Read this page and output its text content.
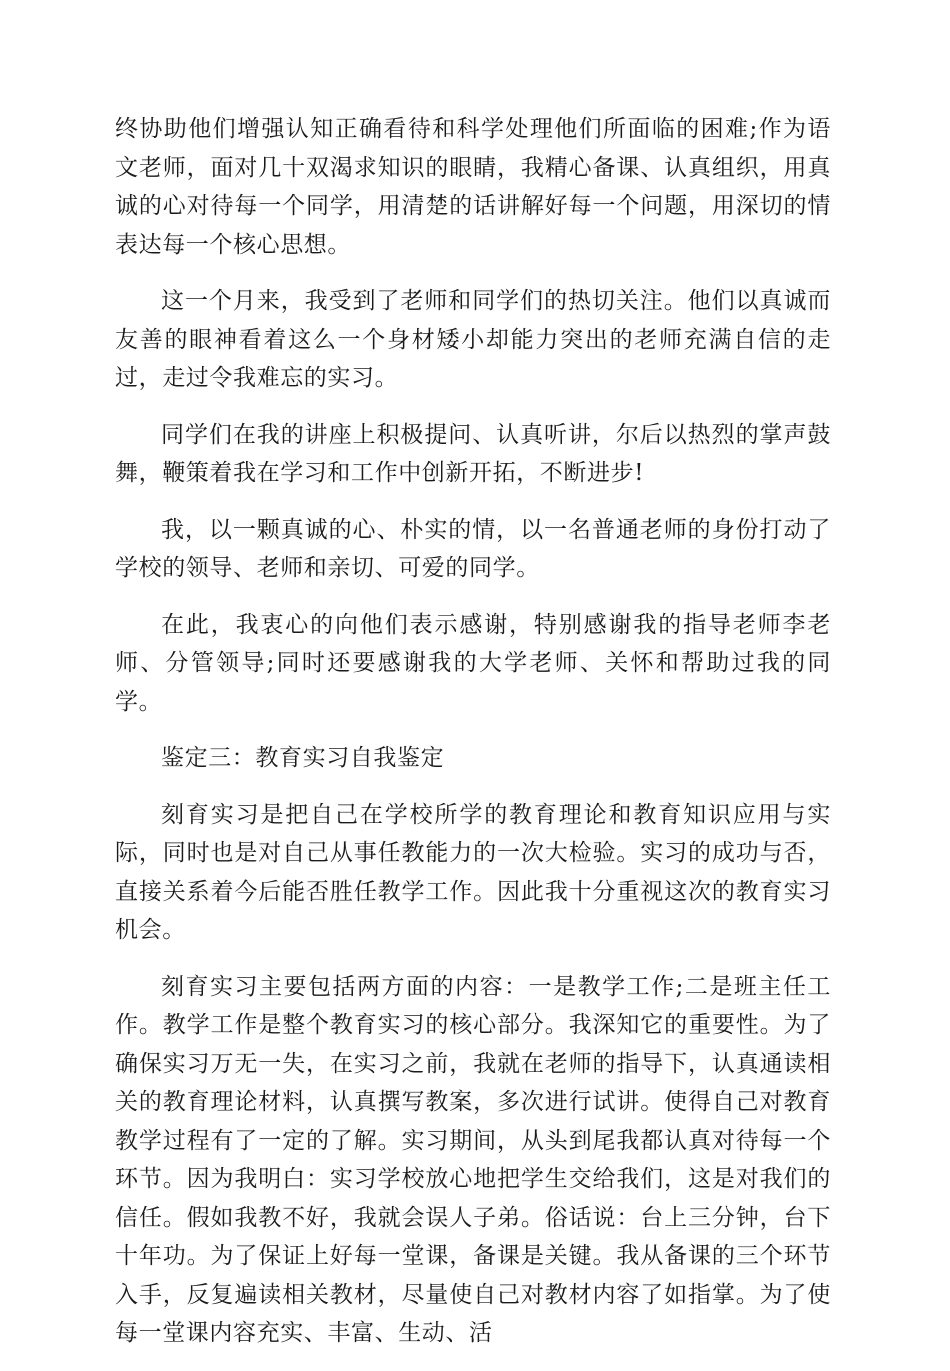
终协助他们增强认知正确看待和科学处理他们所面临的困难;作为语文老师，面对几十双渴求知识的眼睛，我精心备课、认真组织，用真诚的心对待每一个同学，用清楚的话讲解好每一个问题，用深切的情表达每一个核心思想。

这一个月来，我受到了老师和同学们的热切关注。他们以真诚而友善的眼神看着这么一个身材矮小却能力突出的老师充满自信的走过，走过令我难忘的实习。

同学们在我的讲座上积极提问、认真听讲，尔后以热烈的掌声鼓舞，鞭策着我在学习和工作中创新开拓，不断进步!

我，以一颗真诚的心、朴实的情，以一名普通老师的身份打动了学校的领导、老师和亲切、可爱的同学。

在此，我衷心的向他们表示感谢，特别感谢我的指导老师李老师、分管领导;同时还要感谢我的大学老师、关怀和帮助过我的同学。

鉴定三：教育实习自我鉴定

刻育实习是把自己在学校所学的教育理论和教育知识应用与实际，同时也是对自己从事任教能力的一次大检验。实习的成功与否，直接关系着今后能否胜任教学工作。因此我十分重视这次的教育实习机会。

刻育实习主要包括两方面的内容：一是教学工作;二是班主任工作。教学工作是整个教育实习的核心部分。我深知它的重要性。为了确保实习万无一失，在实习之前，我就在老师的指导下，认真通读相关的教育理论材料，认真撰写教案，多次进行试讲。使得自己对教育教学过程有了一定的了解。实习期间，从头到尾我都认真对待每一个环节。因为我明白：实习学校放心地把学生交给我们，这是对我们的信任。假如我教不好，我就会误人子弟。俗话说：台上三分钟，台下十年功。为了保证上好每一堂课，备课是关键。我从备课的三个环节入手，反复遍读相关教材，尽量使自己对教材内容了如指掌。为了使每一堂课内容充实、丰富、生动、活
